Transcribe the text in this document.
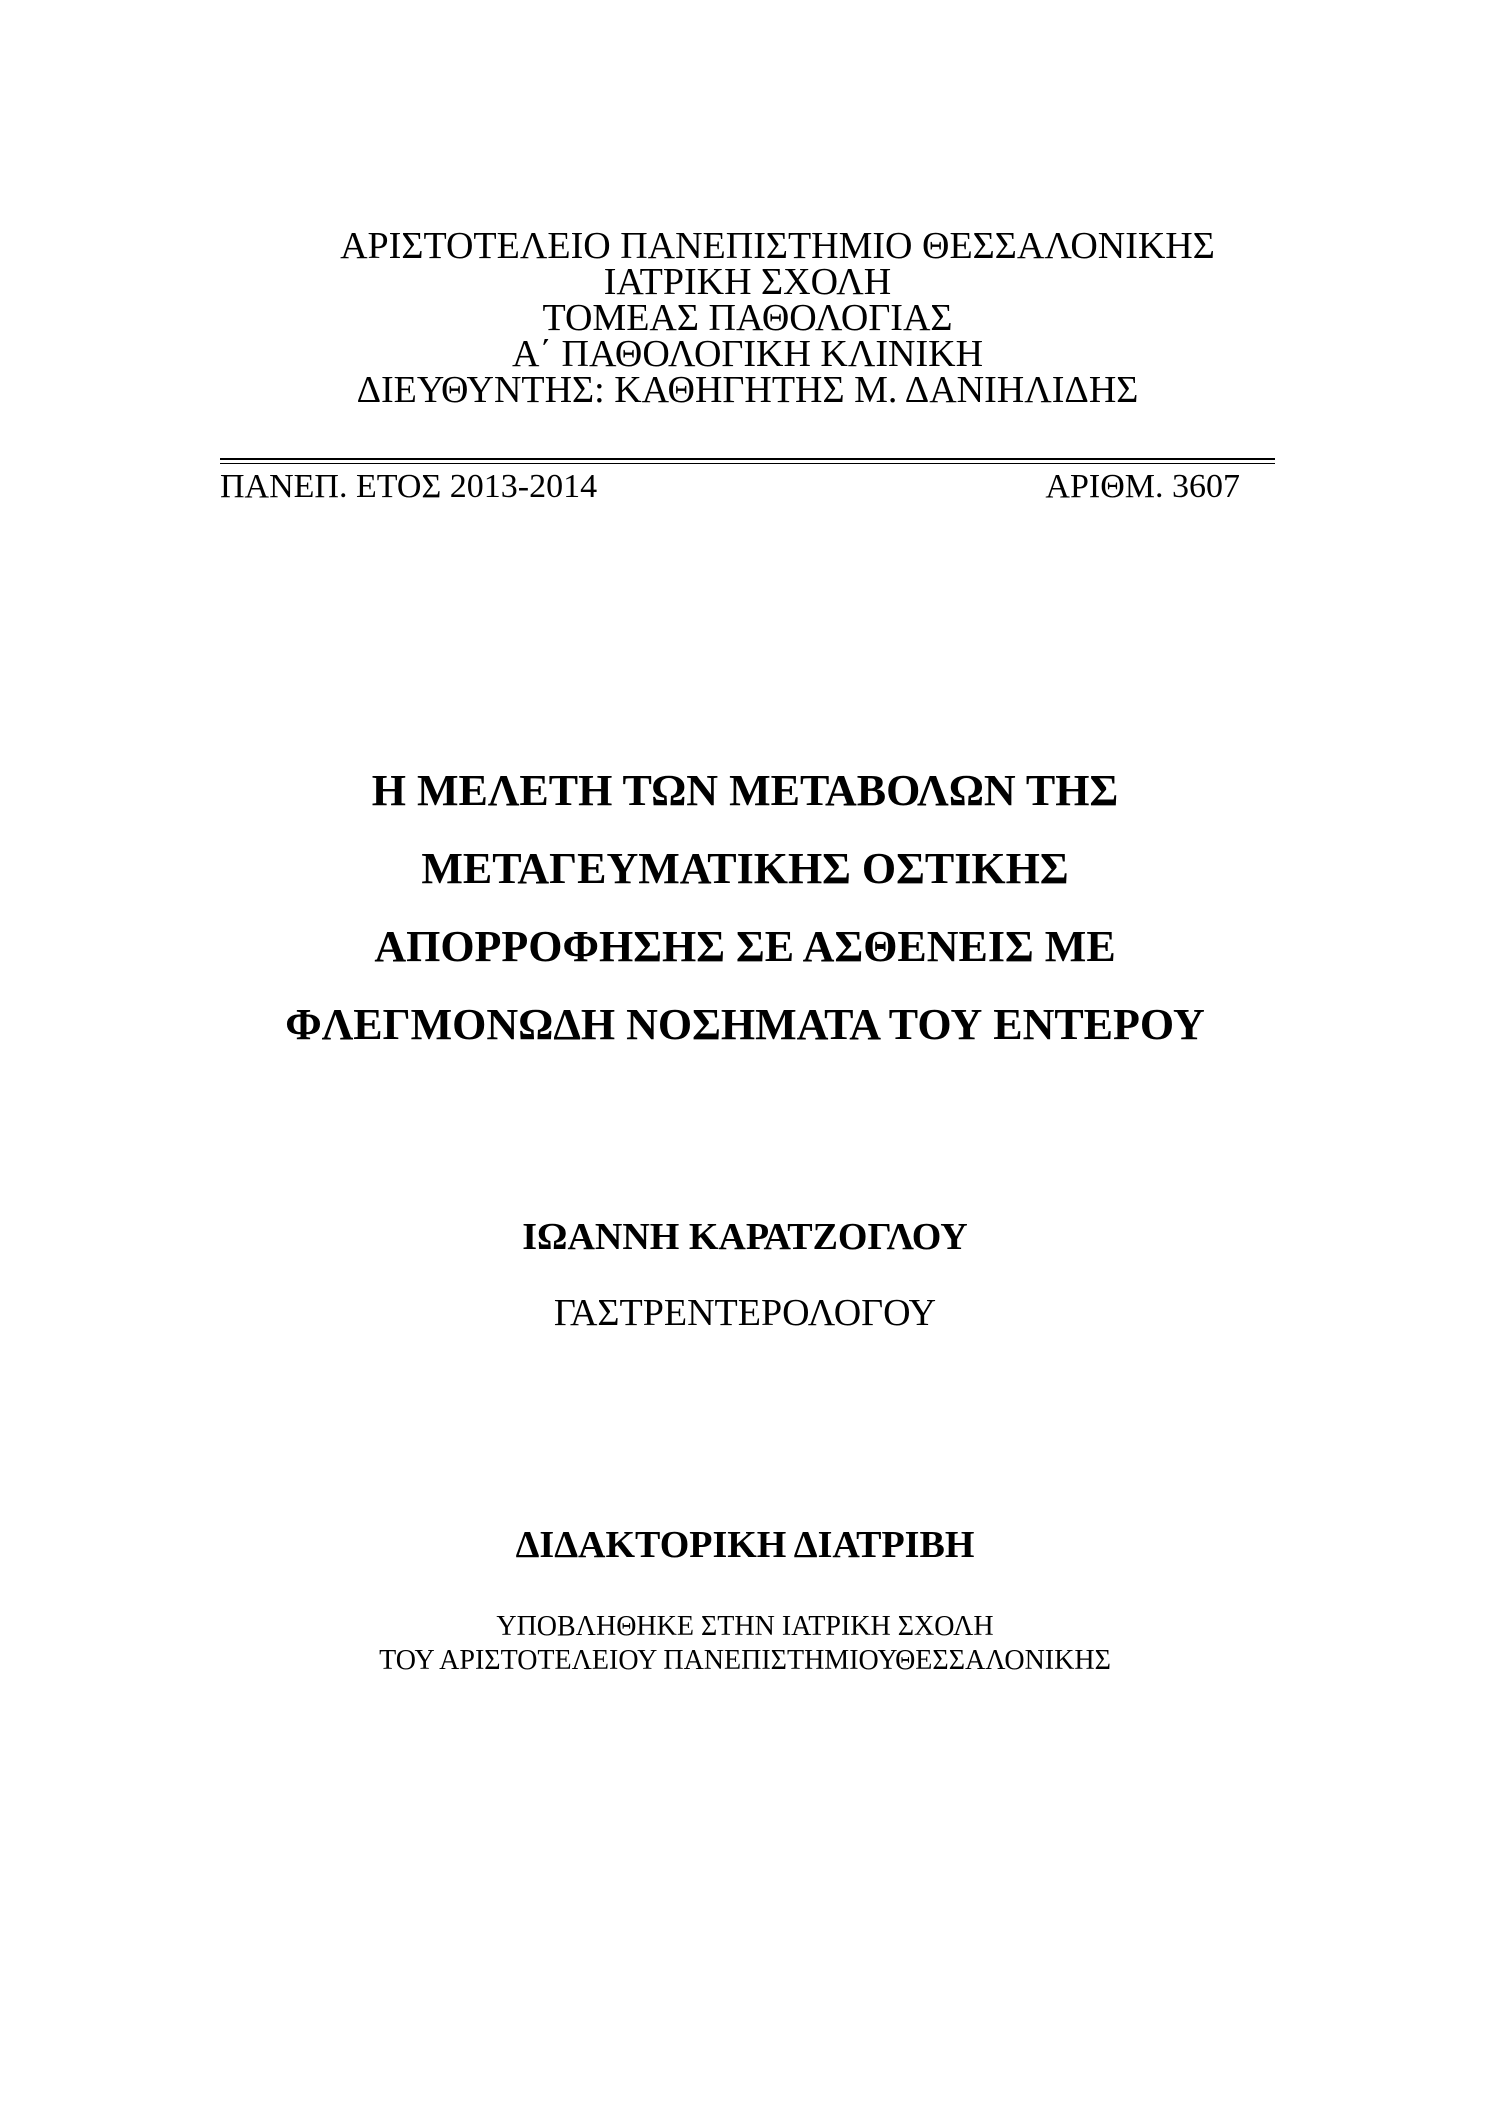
ΑΡΙΣΤΟΤΕΛΕΙΟ ΠΑΝΕΠΙΣΤΗΜΙΟ ΘΕΣΣΑΛΟΝΙΚΗΣ
ΙΑΤΡΙΚΗ ΣΧΟΛΗ
ΤΟΜΕΑΣ ΠΑΘΟΛΟΓΙΑΣ
Α΄ ΠΑΘΟΛΟΓΙΚΗ ΚΛΙΝΙΚΗ
ΔΙΕΥΘΥΝΤΗΣ: ΚΑΘΗΓΗΤΗΣ Μ. ΔΑΝΙΗΛΙΔΗΣ
ΠΑΝΕΠ. ΕΤΟΣ 2013-2014	ΑΡΙΘΜ. 3607
Η ΜΕΛΕΤΗ ΤΩΝ ΜΕΤΑΒΟΛΩΝ ΤΗΣ
ΜΕΤΑΓΕΥΜΑΤΙΚΗΣ ΟΣΤΙΚΗΣ
ΑΠΟΡΡΟΦΗΣΗΣ ΣΕ ΑΣΘΕΝΕΙΣ ΜΕ
ΦΛΕΓΜΟΝΩΔΗ ΝΟΣΗΜΑΤΑ ΤΟΥ ΕΝΤΕΡΟΥ
ΙΩΑΝΝΗ ΚΑΡΑΤΖΟΓΛΟΥ
ΓΑΣΤΡΕΝΤΕΡΟΛΟΓΟΥ
ΔΙΔΑΚΤΟΡΙΚΗ ΔΙΑΤΡΙΒΗ
ΥΠΟΒΛΗΘΗΚΕ ΣΤΗΝ ΙΑΤΡΙΚΗ ΣΧΟΛΗ
ΤΟΥ ΑΡΙΣΤΟΤΕΛΕΙΟΥ ΠΑΝΕΠΙΣΤΗΜΙΟΥΘΕΣΣΑΛΟΝΙΚΗΣ
